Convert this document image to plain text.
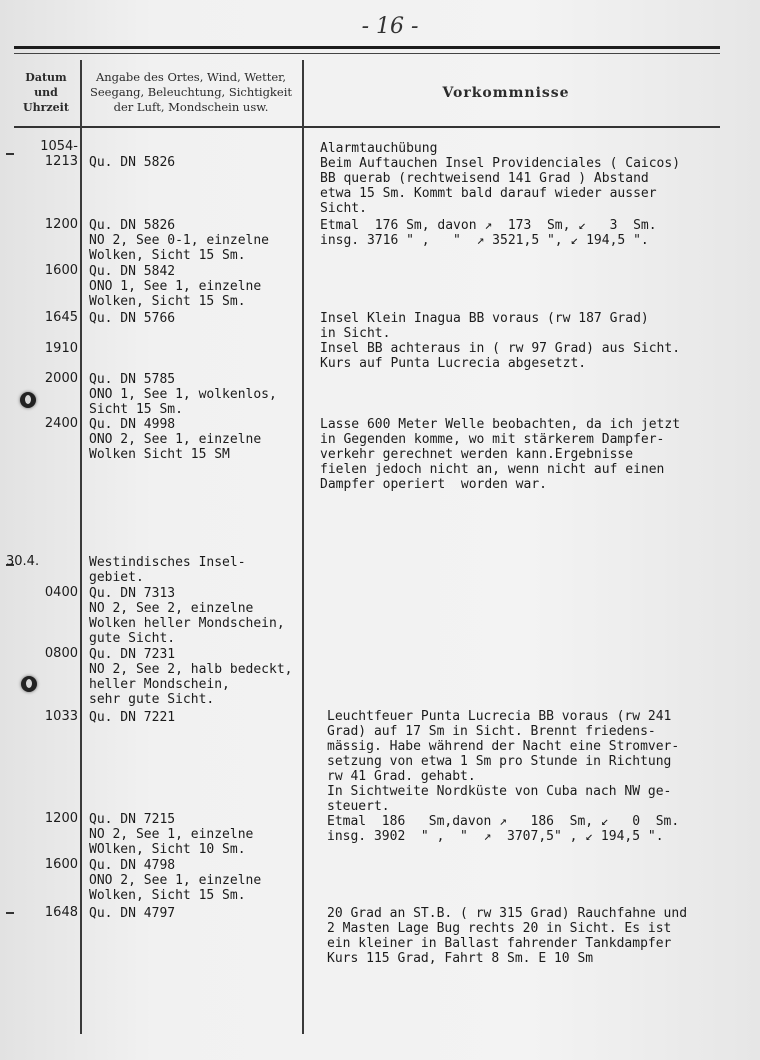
- 16 -
Datum
und
Uhrzeit
Angabe des Ortes, Wind, Wetter,
Seegang, Beleuchtung, Sichtigkeit
der Luft, Mondschein usw.
Vorkommnisse
1054-
1213
1200
1600
1645
1910
2000
2400
30.4.
0400
0800
1033
1200
1600
1648
Qu. DN 5826
Qu. DN 5826
NO 2, See 0-1, einzelne
Wolken, Sicht 15 Sm.
Qu. DN 5842
ONO 1, See 1, einzelne
Wolken, Sicht 15 Sm.
Qu. DN 5766
Qu. DN 5785
ONO 1, See 1, wolkenlos,
Sicht 15 Sm.
Qu. DN 4998
ONO 2, See 1, einzelne
Wolken Sicht 15 SM
Westindisches Insel-
gebiet.
Qu. DN 7313
NO 2, See 2, einzelne
Wolken heller Mondschein,
gute Sicht.
Qu. DN 7231
NO 2, See 2, halb bedeckt,
heller Mondschein,
sehr gute Sicht.
Qu. DN 7221
Qu. DN 7215
NO 2, See 1, einzelne
WOlken, Sicht 10 Sm.
Qu. DN 4798
ONO 2, See 1, einzelne
Wolken, Sicht 15 Sm.
Qu. DN 4797
Alarmtauchübung
Beim Auftauchen Insel Providenciales ( Caicos)
BB querab (rechtweisend 141 Grad ) Abstand
etwa 15 Sm. Kommt bald darauf wieder ausser
Sicht.
Etmal  176 Sm, davon ↗  173  Sm, ↙   3  Sm.
insg. 3716 " ,   "  ↗ 3521,5 ", ↙ 194,5 ".
Insel Klein Inagua BB voraus (rw 187 Grad)
in Sicht.
Insel BB achteraus in ( rw 97 Grad) aus Sicht.
Kurs auf Punta Lucrecia abgesetzt.
Lasse 600 Meter Welle beobachten, da ich jetzt
in Gegenden komme, wo mit stärkerem Dampfer-
verkehr gerechnet werden kann.Ergebnisse
fielen jedoch nicht an, wenn nicht auf einen
Dampfer operiert  worden war.
Leuchtfeuer Punta Lucrecia BB voraus (rw 241
Grad) auf 17 Sm in Sicht. Brennt friedens-
mässig. Habe während der Nacht eine Stromver-
setzung von etwa 1 Sm pro Stunde in Richtung
rw 41 Grad. gehabt.
In Sichtweite Nordküste von Cuba nach NW ge-
steuert.
Etmal  186   Sm,davon ↗   186  Sm, ↙   0  Sm.
insg. 3902  " ,  "  ↗  3707,5" , ↙ 194,5 ".
20 Grad an ST.B. ( rw 315 Grad) Rauchfahne und
2 Masten Lage Bug rechts 20 in Sicht. Es ist
ein kleiner in Ballast fahrender Tankdampfer
Kurs 115 Grad, Fahrt 8 Sm. E 10 Sm
